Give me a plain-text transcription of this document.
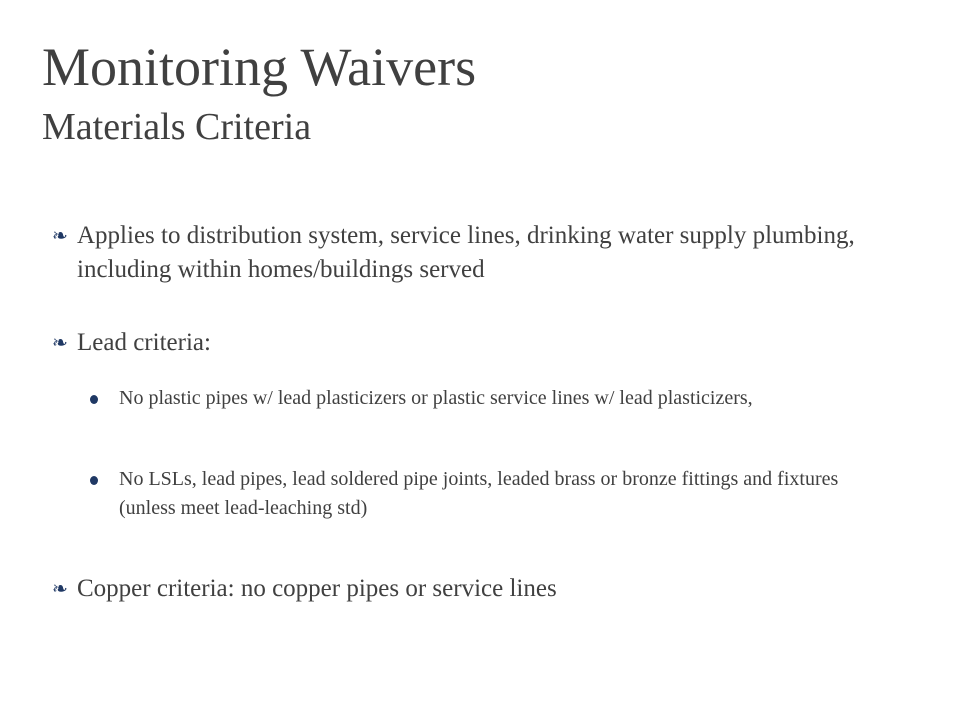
Monitoring Waivers
Materials Criteria
❧ Applies to distribution system, service lines, drinking water supply plumbing, including within homes/buildings served
❧ Lead criteria:
No plastic pipes w/ lead plasticizers or plastic service lines w/ lead plasticizers,
No LSLs, lead pipes, lead soldered pipe joints, leaded brass or bronze fittings and fixtures (unless meet lead-leaching std)
❧ Copper criteria: no copper pipes or service lines
